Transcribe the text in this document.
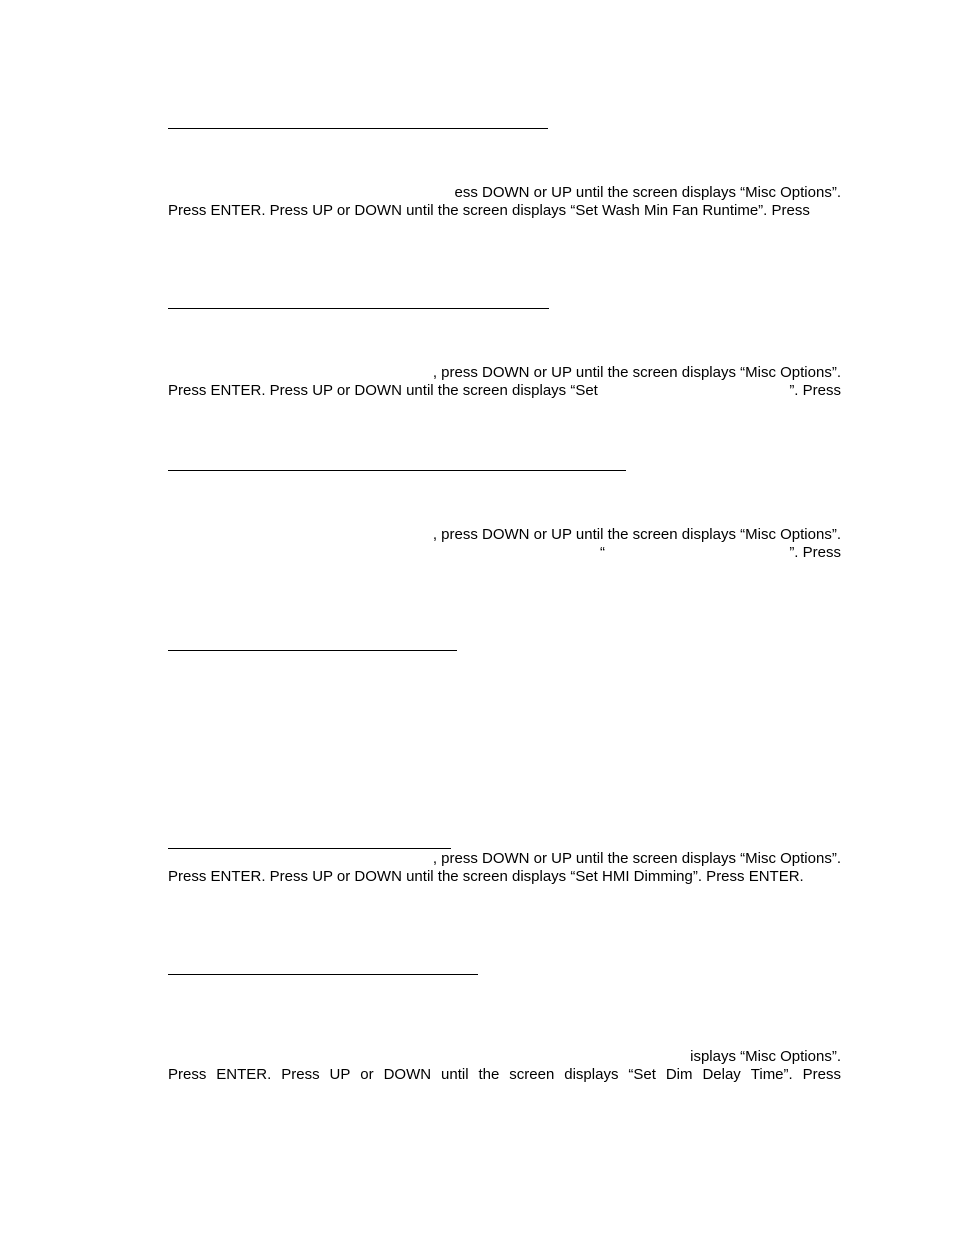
ess DOWN or UP until the screen displays “Misc Options”.
Press ENTER. Press UP or DOWN until the screen displays “Set Wash Min Fan Runtime”. Press
, press DOWN or UP until the screen displays “Misc Options”.
Press ENTER. Press UP or DOWN until the screen displays “Set	”. Press
, press DOWN or UP until the screen displays “Misc Options”.
“	”. Press
, press DOWN or UP until the screen displays “Misc Options”.
Press ENTER. Press UP or DOWN until the screen displays “Set HMI Dimming”. Press ENTER.
isplays “Misc Options”.
Press ENTER. Press UP or DOWN until the screen displays “Set Dim Delay Time”. Press
